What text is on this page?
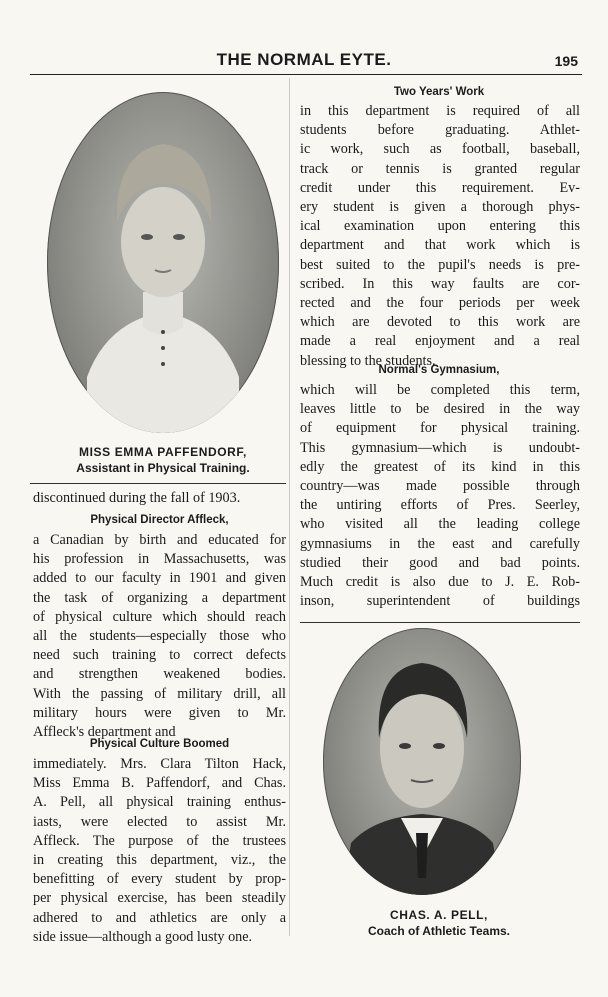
THE NORMAL EYTE.	195
MISS EMMA PAFFENDORF,
Assistant in Physical Training.
discontinued during the fall of 1903.
Physical Director Affleck,
a Canadian by birth and educated for
his profession in Massachusetts, was
added to our faculty in 1901 and given
the task of organizing a department
of physical culture which should reach
all the students—especially those who
need such training to correct defects
and strengthen weakened bodies.
With the passing of military drill, all
military hours were given to Mr.
Affleck's department and
Physical Culture Boomed
immediately. Mrs. Clara Tilton Hack,
Miss Emma B. Paffendorf, and Chas.
A. Pell, all physical training enthus-
iasts, were elected to assist Mr.
Affleck. The purpose of the trustees
in creating this department, viz., the
benefitting of every student by prop-
per physical exercise, has been steadily
adhered to and athletics are only a
side issue—although a good lusty one.
Two Years' Work
in this department is required of all
students before graduating. Athlet-
ic work, such as football, baseball,
track or tennis is granted regular
credit under this requirement. Ev-
ery student is given a thorough phys-
ical examination upon entering this
department and that work which is
best suited to the pupil's needs is pre-
scribed. In this way faults are cor-
rected and the four periods per week
which are devoted to this work are
made a real enjoyment and a real
blessing to the students.
Normal's Gymnasium,
which will be completed this term,
leaves little to be desired in the way
of equipment for physical training.
This gymnasium—which is undoubt-
edly the greatest of its kind in this
country—was made possible through
the untiring efforts of Pres. Seerley,
who visited all the leading college
gymnasiums in the east and carefully
studied their good and bad points.
Much credit is also due to J. E. Rob-
inson, superintendent of buildings
CHAS. A. PELL,
Coach of Athletic Teams.
